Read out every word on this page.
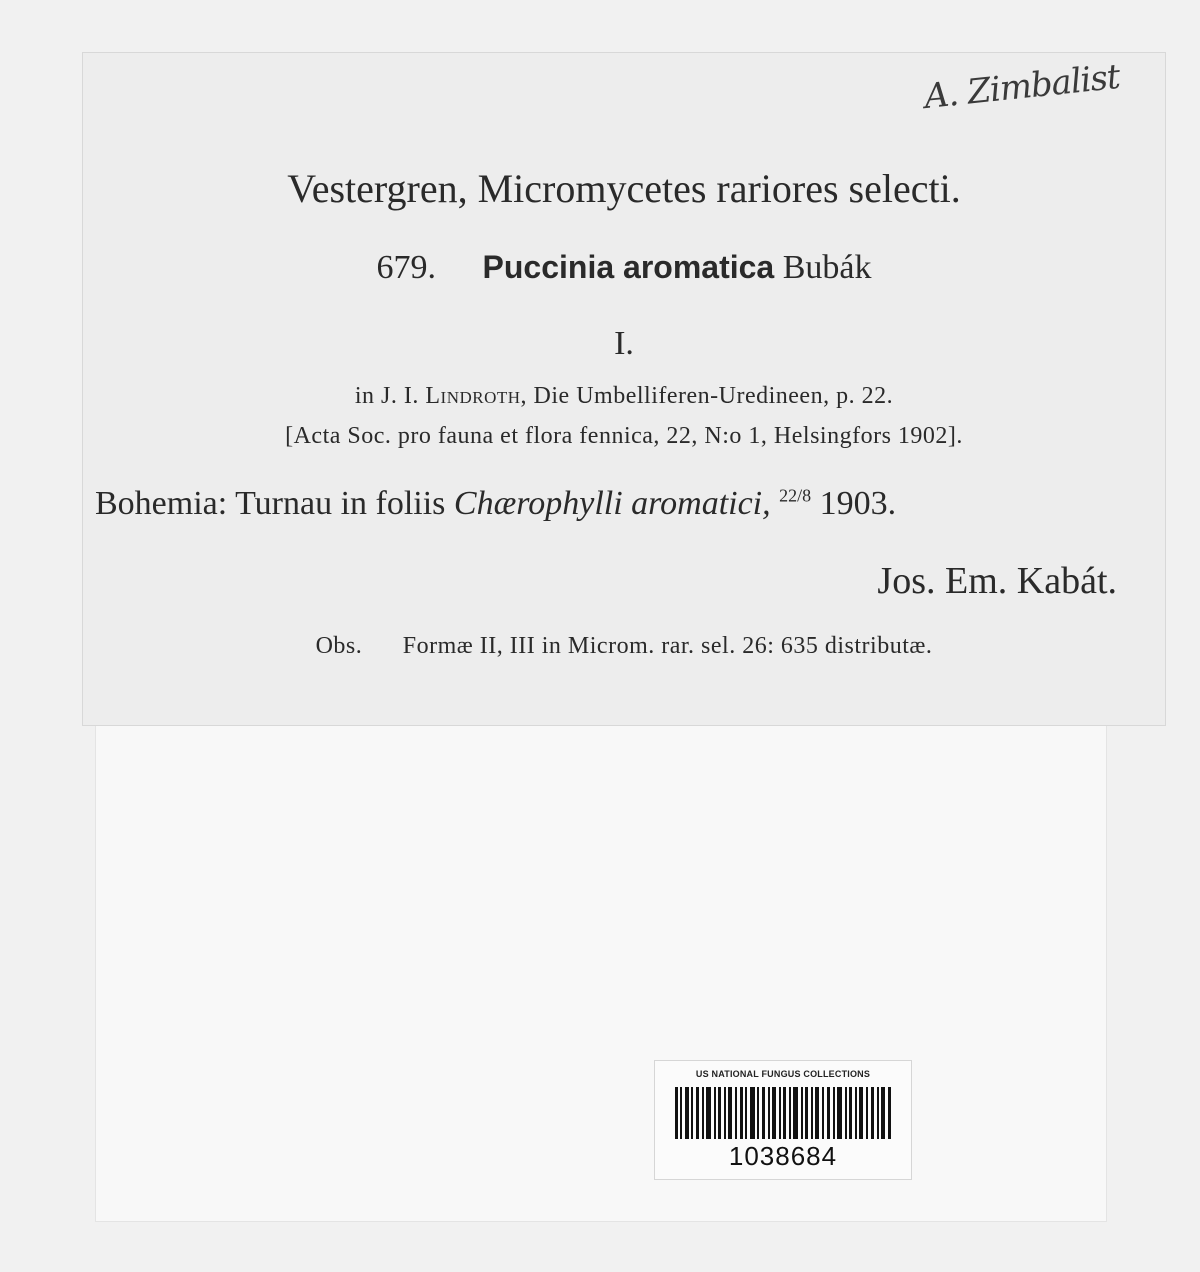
A. Zimbalist
Vestergren, Micromycetes rariores selecti.
679. Puccinia aromatica Bubák
I.
in J. I. Lindroth, Die Umbelliferen-Uredineen, p. 22.
[Acta Soc. pro fauna et flora fennica, 22, N:o 1, Helsingfors 1902].
Bohemia: Turnau in foliis Chærophylli aromatici, $^{22/8}$ 1903.
Jos. Em. Kabát.
Obs. Formæ II, III in Microm. rar. sel. 26: 635 distributæ.
US NATIONAL FUNGUS COLLECTIONS
1038684
